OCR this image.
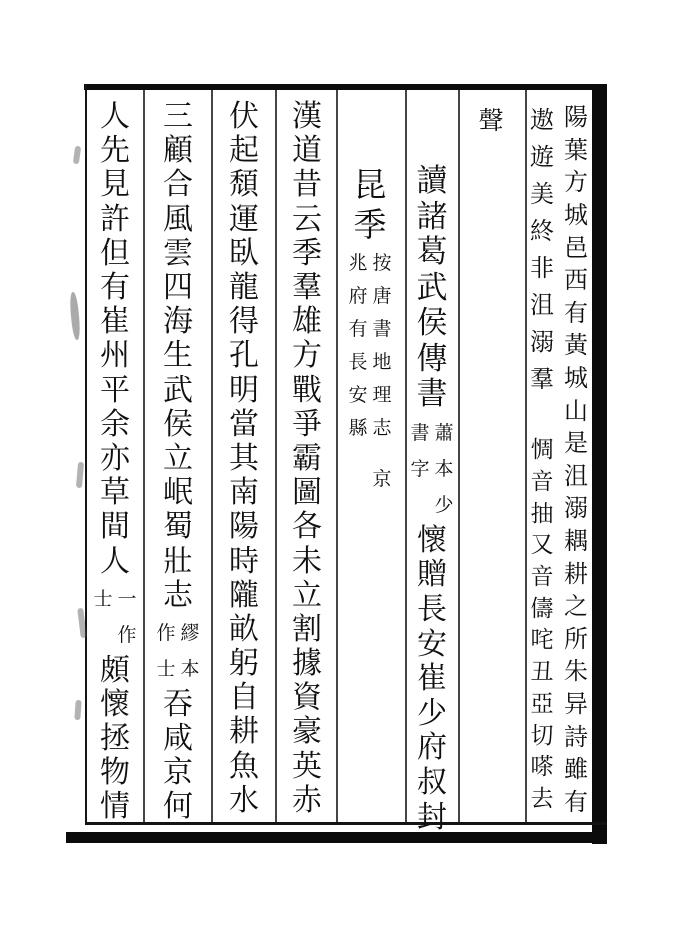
陽
葉
方
城
邑
西
有
黃
城
山
是
沮
溺
耦
耕
之
所
朱
异
詩
雖
有
遨
遊
美
終
非
沮
溺
羣
惆
音
抽
又
音
儔
咤
丑
亞
切
嗏
去
聲
讀
諸
葛
武
侯
傳
書
蕭
本
少
書
字
懷
贈
長
安
崔
少
府
叔
封
昆
季
按
唐
書
地
理
志
京
兆
府
有
長
安
縣
漢
道
昔
云
季
羣
雄
方
戰
爭
霸
圖
各
未
立
割
據
資
豪
英
赤
伏
起
頹
運
臥
龍
得
孔
明
當
其
南
陽
時
隴
畝
躬
自
耕
魚
水
三
顧
合
風
雲
四
海
生
武
侯
立
岷
蜀
壯
志
繆
本
作
士
吞
咸
京
何
人
先
見
許
但
有
崔
州
平
余
亦
草
間
人
一
作
士
頗
懷
拯
物
情
